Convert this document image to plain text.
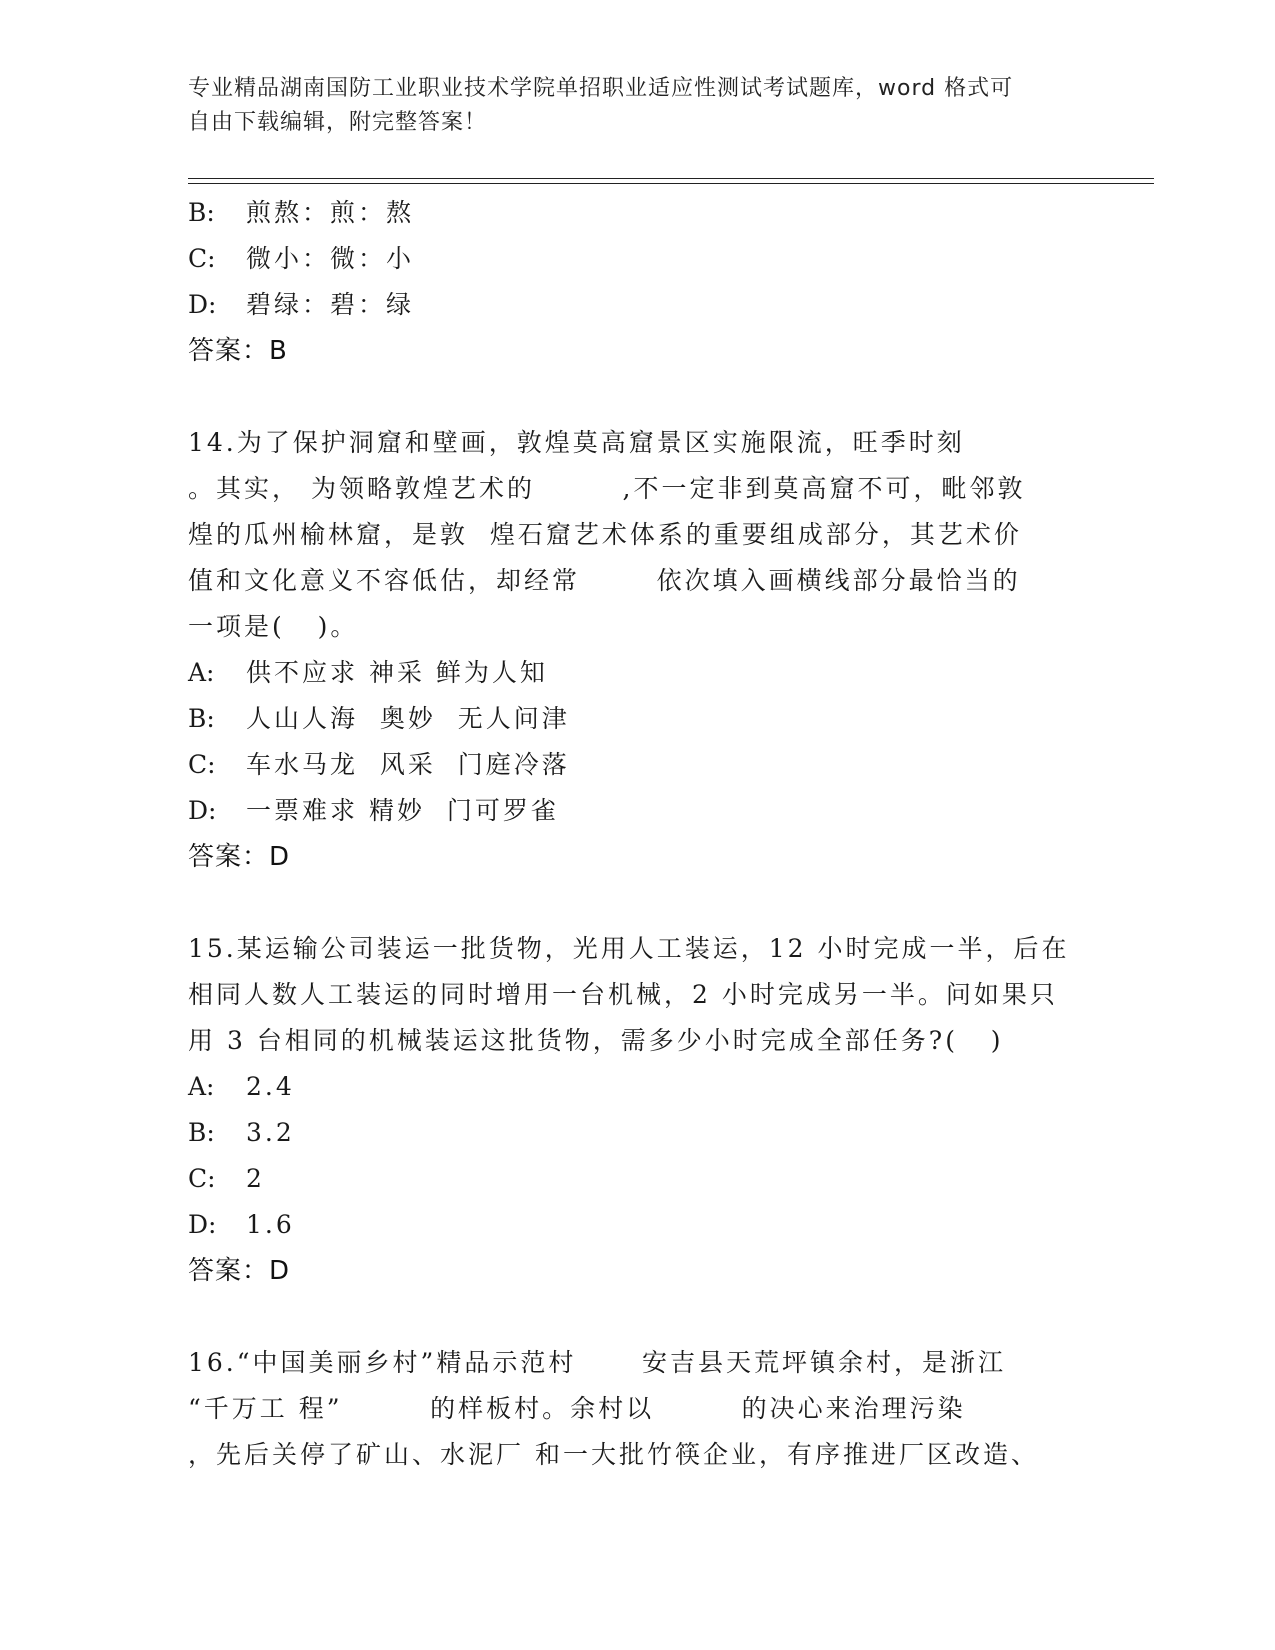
专业精品湖南国防工业职业技术学院单招职业适应性测试考试题库，word 格式可
自由下载编辑，附完整答案！
B: 煎熬：煎：熬
C: 微小：微：小
D: 碧绿：碧：绿
答案：B
14.为了保护洞窟和壁画，敦煌莫高窟景区实施限流，旺季时刻
。其实， 为领略敦煌艺术的        ,不一定非到莫高窟不可，毗邻敦
煌的瓜州榆林窟，是敦  煌石窟艺术体系的重要组成部分，其艺术价
值和文化意义不容低估，却经常       依次填入画横线部分最恰当的
一项是(   )。
A: 供不应求 神采 鲜为人知
B: 人山人海  奥妙  无人问津
C: 车水马龙  风采  门庭冷落
D: 一票难求 精妙  门可罗雀
答案：D
15.某运输公司装运一批货物，光用人工装运，12 小时完成一半，后在
相同人数人工装运的同时增用一台机械，2 小时完成另一半。问如果只
用 3 台相同的机械装运这批货物，需多少小时完成全部任务?(   )
A: 2.4
B: 3.2
C: 2
D: 1.6
答案：D
16.“中国美丽乡村”精品示范村      安吉县天荒坪镇余村，是浙江
“千万工 程”        的样板村。余村以        的决心来治理污染
，先后关停了矿山、水泥厂 和一大批竹筷企业，有序推进厂区改造、
